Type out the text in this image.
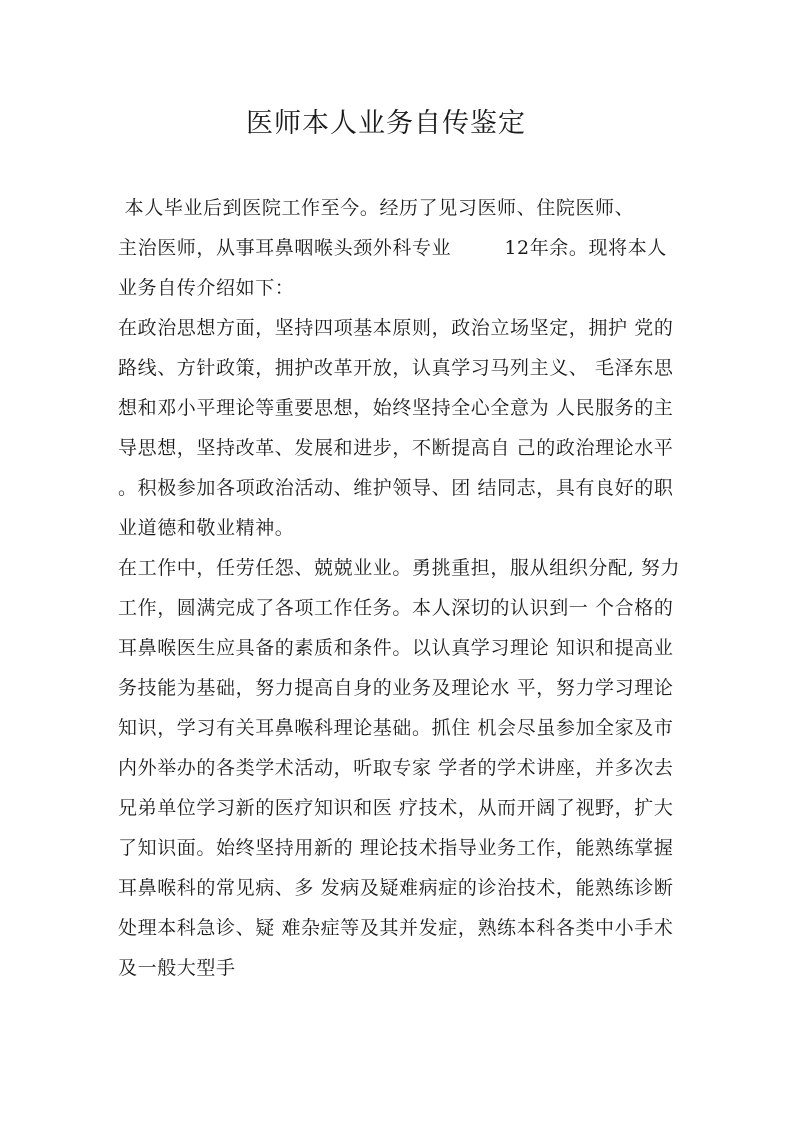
医师本人业务自传鉴定
本人毕业后到医院工作至今。经历了见习医师、住院医师、
主治医师，从事耳鼻咽喉头颈外科专业        12年余。现将本人
业务自传介绍如下：
在政治思想方面，坚持四项基本原则，政治立场坚定，拥护 党的
路线、方针政策，拥护改革开放，认真学习马列主义、 毛泽东思
想和邓小平理论等重要思想，始终坚持全心全意为 人民服务的主
导思想，坚持改革、发展和进步，不断提高自 己的政治理论水平
。积极参加各项政治活动、维护领导、团 结同志，具有良好的职
业道德和敬业精神。
在工作中，任劳任怨、兢兢业业。勇挑重担，服从组织分配, 努力
工作，圆满完成了各项工作任务。本人深切的认识到一 个合格的
耳鼻喉医生应具备的素质和条件。以认真学习理论 知识和提高业
务技能为基础，努力提高自身的业务及理论水 平，努力学习理论
知识，学习有关耳鼻喉科理论基础。抓住 机会尽虽参加全家及市
内外举办的各类学术活动，听取专家 学者的学术讲座，并多次去
兄弟单位学习新的医疗知识和医 疗技术，从而开阔了视野，扩大
了知识面。始终坚持用新的 理论技术指导业务工作，能熟练掌握
耳鼻喉科的常见病、多 发病及疑难病症的诊治技术，能熟练诊断
处理本科急诊、疑 难杂症等及其并发症，熟练本科各类中小手术
及一般大型手
